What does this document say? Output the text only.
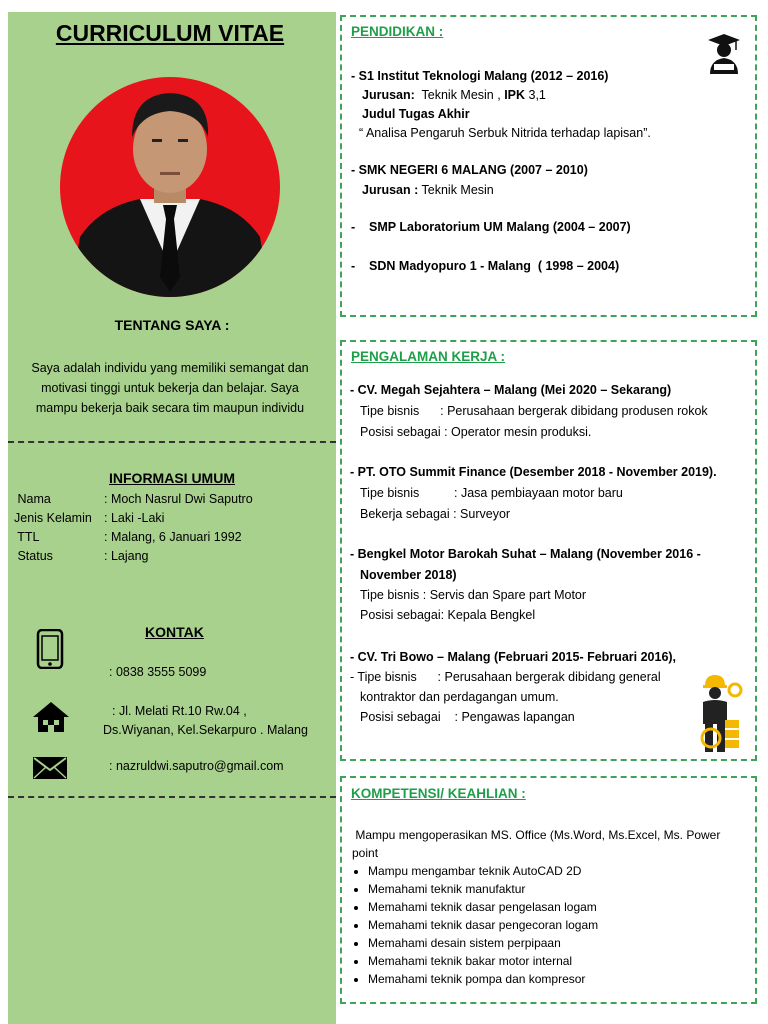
CURRICULUM VITAE
TENTANG SAYA :
Saya adalah individu yang memiliki semangat dan
motivasi tinggi untuk bekerja dan belajar. Saya
mampu bekerja baik secara tim maupun individu
INFORMASI UMUM
Nama	: Moch Nasrul Dwi Saputro
Jenis Kelamin : Laki -Laki
TTL	: Malang, 6 Januari 1992
Status	: Lajang
KONTAK
: 0838 3555 5099
: Jl. Melati Rt.10 Rw.04 ,
Ds.Wiyanan, Kel.Sekarpuro . Malang
: nazruldwi.saputro@gmail.com
PENDIDIKAN :
- S1 Institut Teknologi Malang (2012 – 2016)
Jurusan:  Teknik Mesin , IPK 3,1
Judul Tugas Akhir
“ Analisa Pengaruh Serbuk Nitrida terhadap lapisan”.
- SMK NEGERI 6 MALANG (2007 – 2010)
Jurusan : Teknik Mesin
-    SMP Laboratorium UM Malang (2004 – 2007)
-    SDN Madyopuro 1 - Malang  ( 1998 – 2004)
PENGALAMAN KERJA :
- CV. Megah Sejahtera – Malang (Mei 2020 – Sekarang)
Tipe bisnis      : Perusahaan bergerak dibidang produsen rokok
Posisi sebagai : Operator mesin produksi.
- PT. OTO Summit Finance (Desember 2018 - November 2019).
Tipe bisnis          : Jasa pembiayaan motor baru
Bekerja sebagai : Surveyor
- Bengkel Motor Barokah Suhat – Malang (November 2016 -
November 2018)
Tipe bisnis : Servis dan Spare part Motor
Posisi sebagai: Kepala Bengkel
- CV. Tri Bowo – Malang (Februari 2015- Februari 2016),
- Tipe bisnis      : Perusahaan bergerak dibidang general
kontraktor dan perdagangan umum.
Posisi sebagai    : Pengawas lapangan
KOMPETENSI/ KEAHLIAN :
Mampu mengoperasikan MS. Office (Ms.Word, Ms.Excel, Ms. Power point
• Mampu mengambar teknik AutoCAD 2D
• Memahami teknik manufaktur
• Memahami teknik dasar pengelasan logam
• Memahami teknik dasar pengecoran logam
• Memahami desain sistem perpipaan
• Memahami teknik bakar motor internal
• Memahami teknik pompa dan kompresor
